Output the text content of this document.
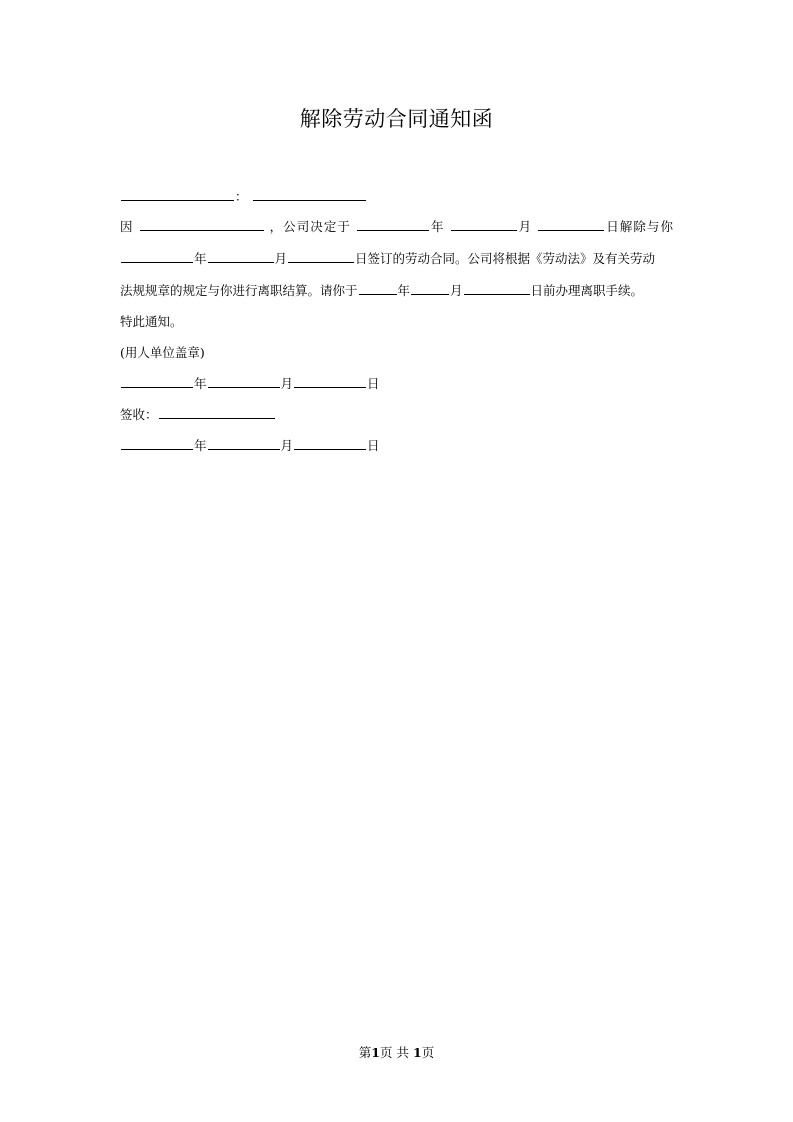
解除劳动合同通知函
：
因	，公司决定于	年	月	日解除与你
年	月	日签订的劳动合同。公司将根据《劳动法》及有关劳动
法规规章的规定与你进行离职结算。请你于	年	月	日前办理离职手续。
特此通知。
(用人单位盖章)
年	月	日
签收：
年	月	日
第1页 共 1页
